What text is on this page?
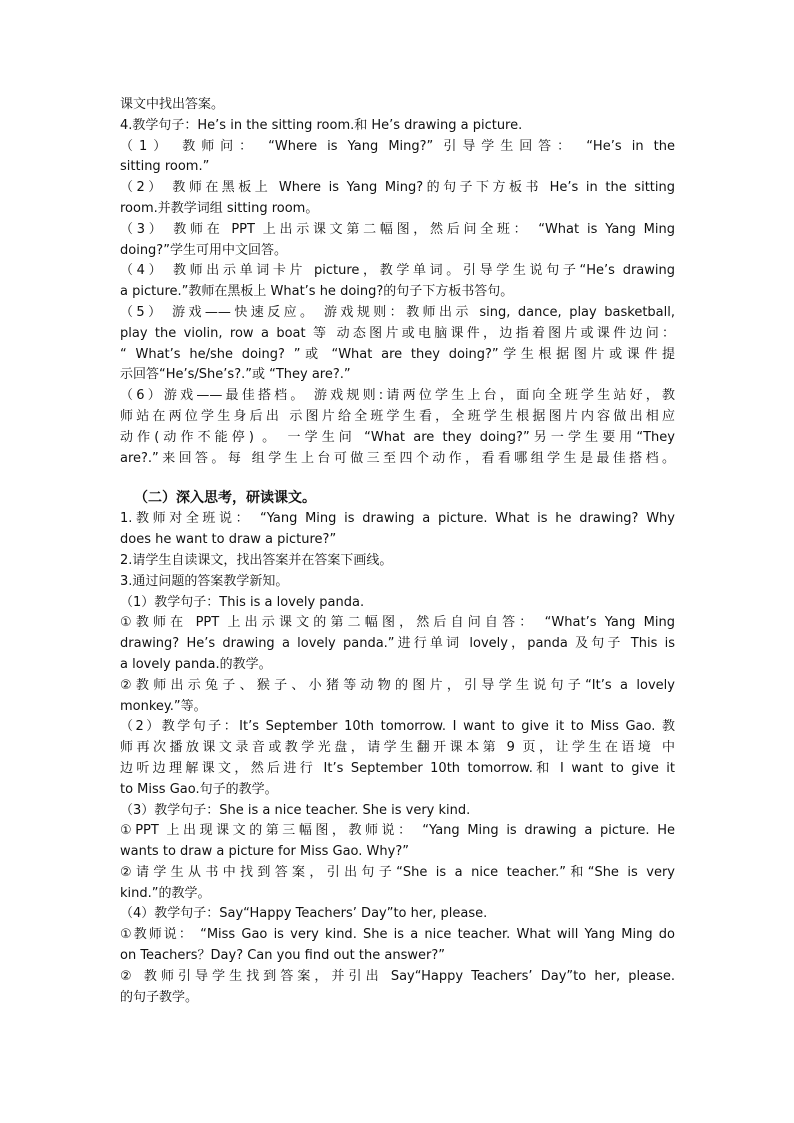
课文中找出答案。
4.教学句子：He’s in the sitting room.和 He’s drawing a picture.
（1） 教师问： “Where is Yang Ming?” 引导学生回答： “He’s in the
sitting room.”
（2） 教师在黑板上 Where is Yang Ming?的句子下方板书 He’s in the sitting
room.并教学词组 sitting room。
（3） 教师在 PPT 上出示课文第二幅图，然后问全班： “What is Yang Ming
doing?”学生可用中文回答。
（4） 教师出示单词卡片 picture，教学单词。引导学生说句子“He’s drawing
a picture.”教师在黑板上 What’s he doing?的句子下方板书答句。
（5） 游戏——快速反应。 游戏规则：教师出示 sing, dance, play basketball,
play the violin, row a boat 等 动态图片或电脑课件，边指着图片或课件边问：
“ What’s he/she doing? ”或 “What are they doing?”学生根据图片或课件提
示回答“He’s/She’s?.”或 “They are?.”
（6）游戏——最佳搭档。 游戏规则:请两位学生上台，面向全班学生站好，教
师站在两位学生身后出 示图片给全班学生看，全班学生根据图片内容做出相应
动作(动作不能停) 。 一学生问 “What are they doing?”另一学生要用“They
are?.”来回答。每 组学生上台可做三至四个动作，看看哪组学生是最佳搭档。
（二）深入思考，研读课文。
1.教师对全班说： “Yang Ming is drawing a picture. What is he drawing? Why
does he want to draw a picture?”
2.请学生自读课文，找出答案并在答案下画线。
3.通过问题的答案教学新知。
（1）教学句子：This is a lovely panda.
①教师在 PPT 上出示课文的第二幅图，然后自问自答： “What’s Yang Ming
drawing? He’s drawing a lovely panda.”进行单词 lovely，panda 及句子 This is
a lovely panda.的教学。
②教师出示兔子、猴子、小猪等动物的图片，引导学生说句子“It’s a lovely
monkey.”等。
（2）教学句子：It’s September 10th tomorrow. I want to give it to Miss Gao. 教
师再次播放课文录音或教学光盘，请学生翻开课本第 9 页，让学生在语境 中
边听边理解课文，然后进行 It’s September 10th tomorrow.和 I want to give it
to Miss Gao.句子的教学。
（3）教学句子：She is a nice teacher. She is very kind.
①PPT 上出现课文的第三幅图，教师说： “Yang Ming is drawing a picture. He
wants to draw a picture for Miss Gao. Why?”
②请学生从书中找到答案，引出句子“She is a nice teacher.”和“She is very
kind.”的教学。
（4）教学句子：Say“Happy Teachers’ Day”to her, please.
①教师说： “Miss Gao is very kind. She is a nice teacher. What will Yang Ming do
on Teachers？Day? Can you find out the answer?”
② 教师引导学生找到答案，并引出 Say“Happy Teachers’ Day”to her, please.
的句子教学。
